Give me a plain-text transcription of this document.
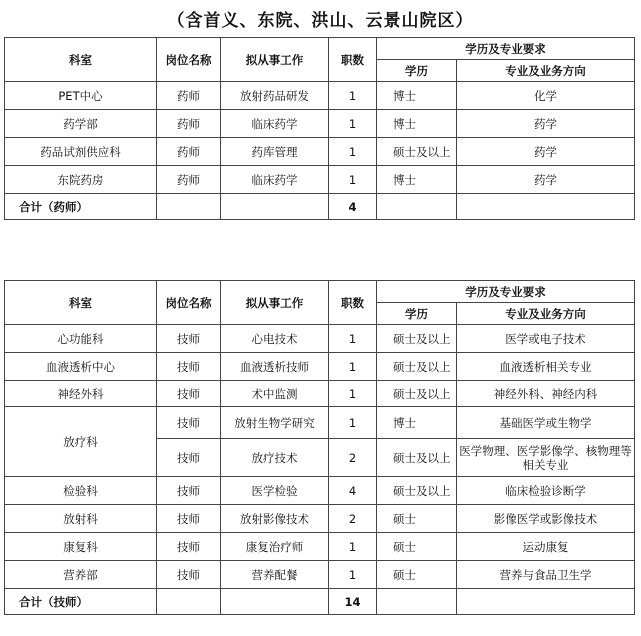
（含首义、东院、洪山、云景山院区）
科室	岗位名称	拟从事工作	职数	学历及专业要求	
				学历	专业及业务方向
PET中心	药师	放射药品研发	1	博士	化学
药学部	药师	临床药学	1	博士	药学
药品试剂供应科	药师	药库管理	1	硕士及以上	药学
东院药房	药师	临床药学	1	博士	药学
合计（药师）			4		
科室	岗位名称	拟从事工作	职数	学历及专业要求	
				学历	专业及业务方向
心功能科	技师	心电技术	1	硕士及以上	医学或电子技术
血液透析中心	技师	血液透析技师	1	硕士及以上	血液透析相关专业
神经外科	技师	术中监测	1	硕士及以上	神经外科、神经内科
放疗科	技师	放射生物学研究	1	博士	基础医学或生物学
	技师	放疗技术	2	硕士及以上	医学物理、医学影像学、核物理等相关专业
检验科	技师	医学检验	4	硕士及以上	临床检验诊断学
放射科	技师	放射影像技术	2	硕士	影像医学或影像技术
康复科	技师	康复治疗师	1	硕士	运动康复
营养部	技师	营养配餐	1	硕士	营养与食品卫生学
合计（技师）			14		
